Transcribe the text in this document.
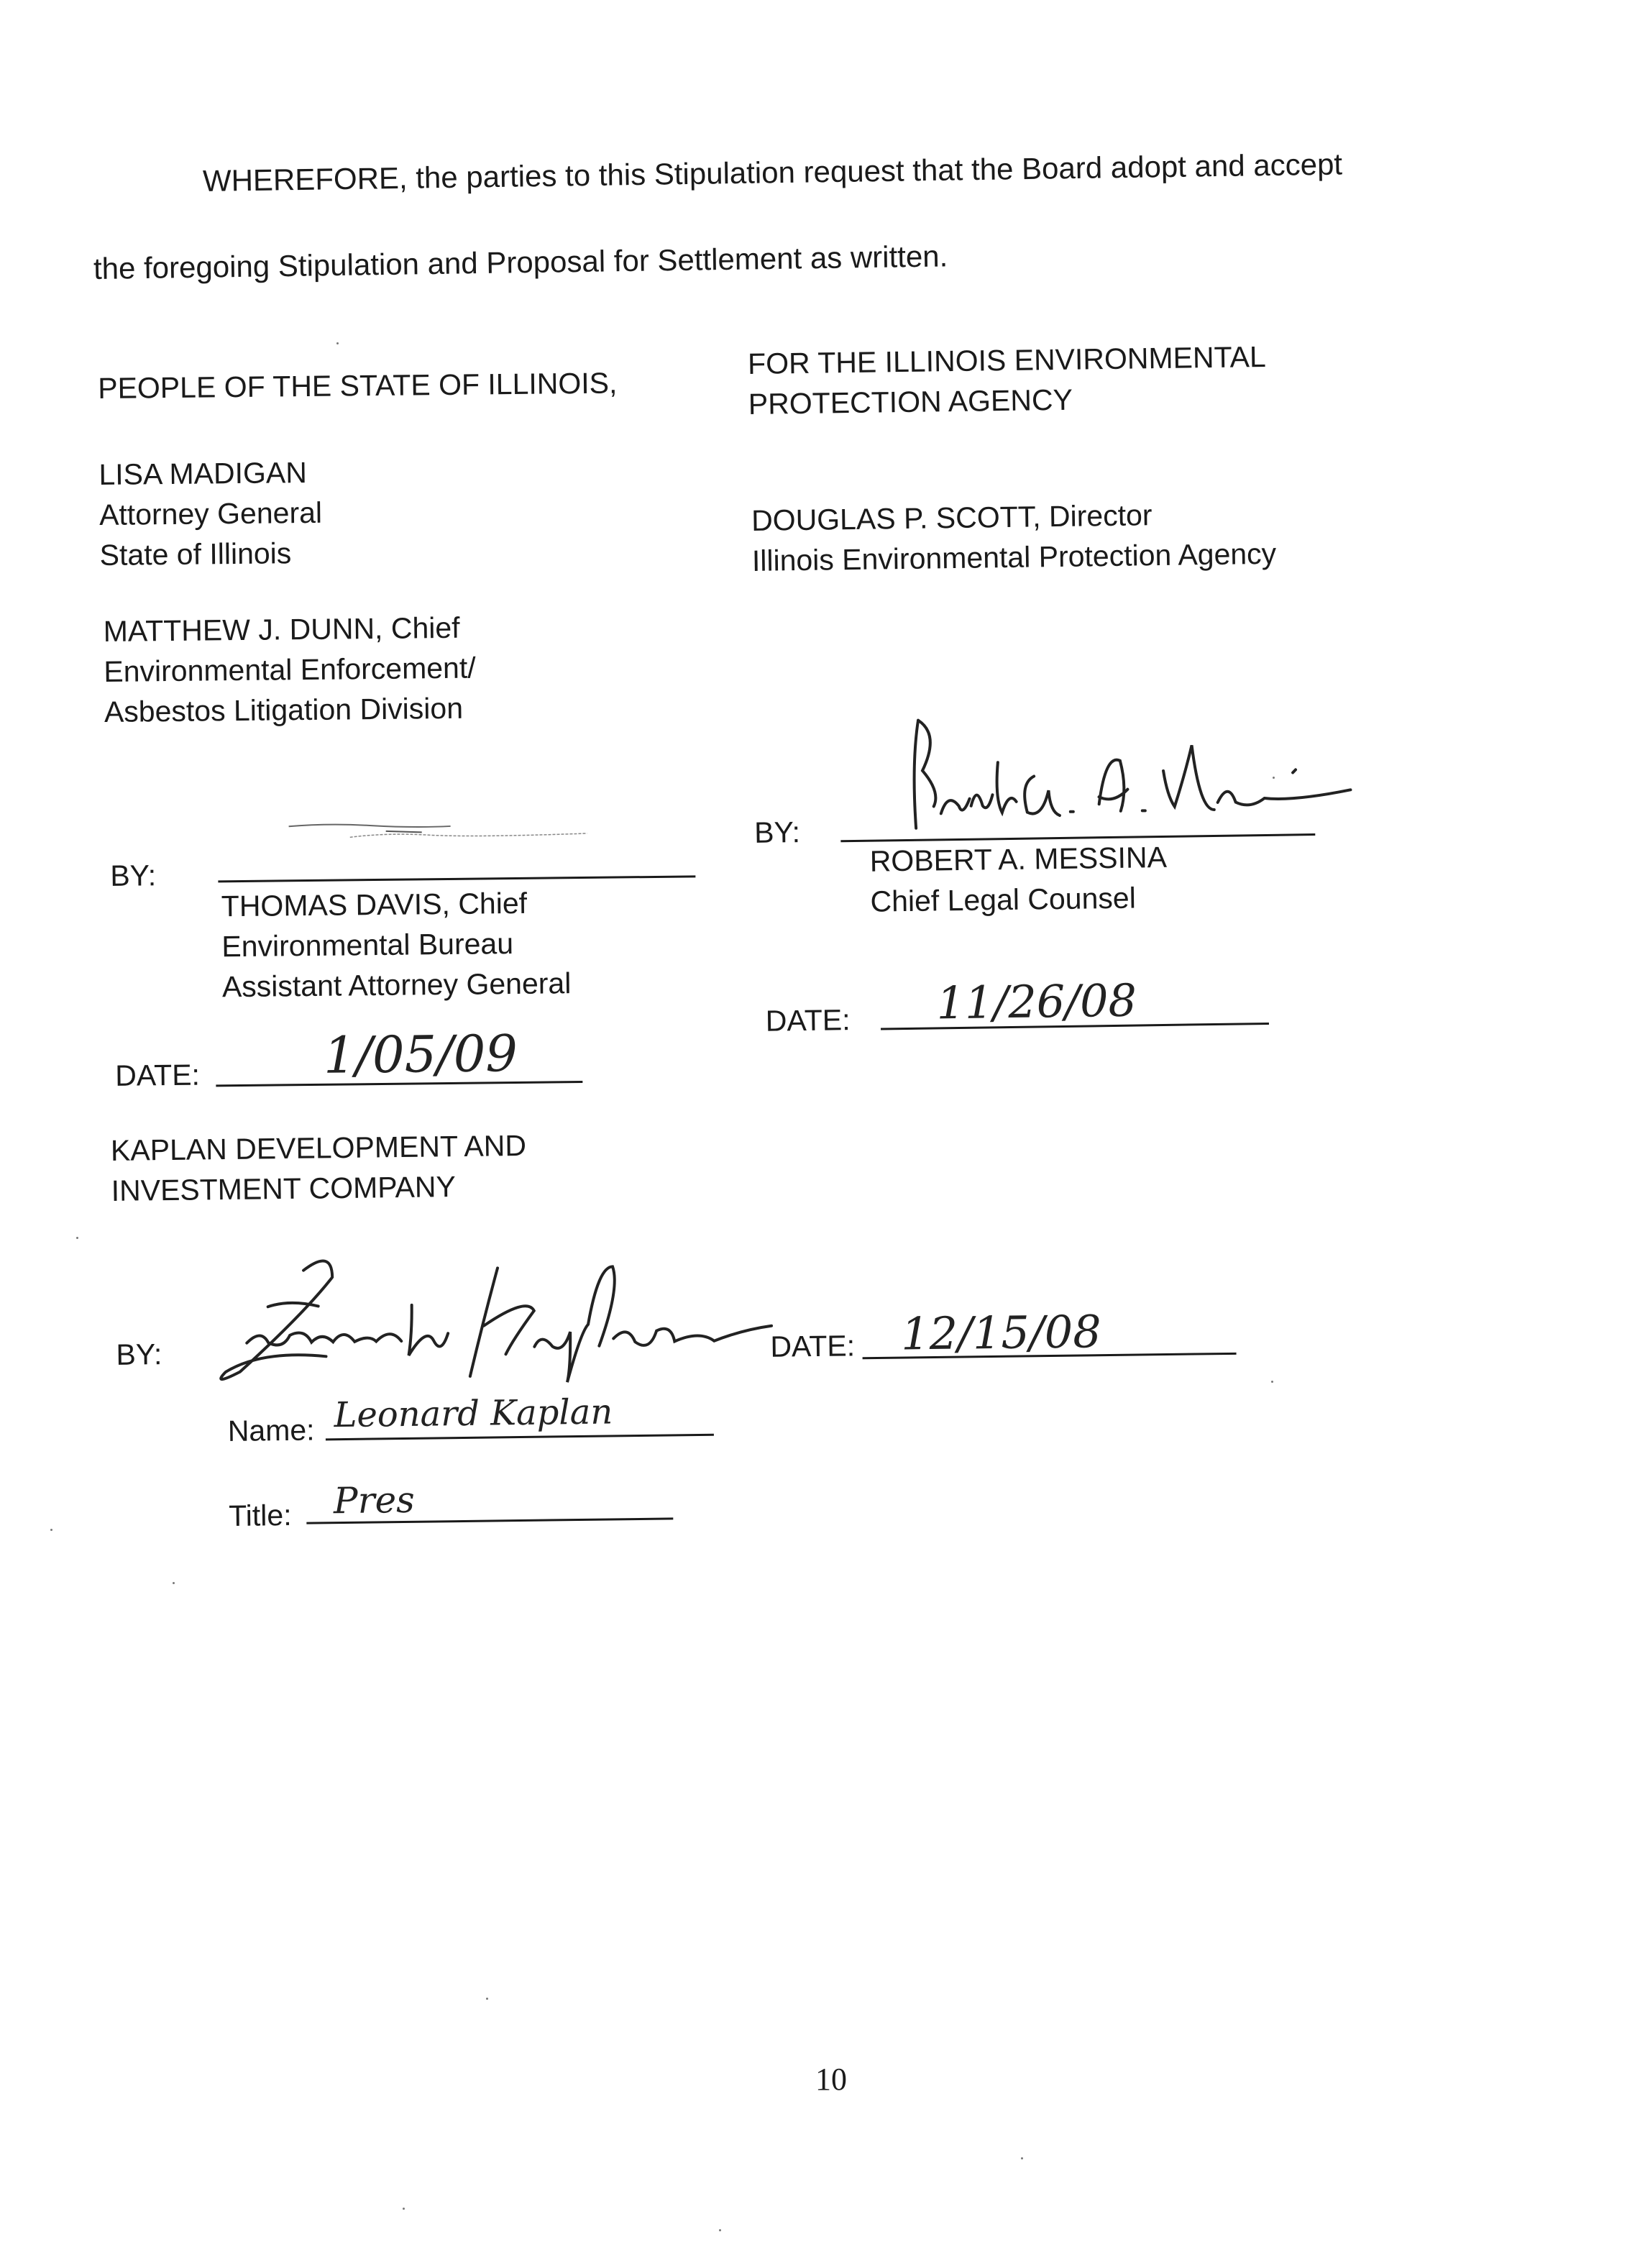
WHEREFORE, the parties to this Stipulation request that the Board adopt and accept
the foregoing Stipulation and Proposal for Settlement as written.
PEOPLE OF THE STATE OF ILLINOIS,
LISA MADIGAN
Attorney General
State of Illinois
MATTHEW J. DUNN, Chief
Environmental Enforcement/
Asbestos Litigation Division
BY:
THOMAS DAVIS, Chief
Environmental Bureau
Assistant Attorney General
DATE: 1/05/09
FOR THE ILLINOIS ENVIRONMENTAL
PROTECTION AGENCY
DOUGLAS P. SCOTT, Director
Illinois Environmental Protection Agency
BY:
ROBERT A. MESSINA
Chief Legal Counsel
DATE: 11/26/08
KAPLAN DEVELOPMENT AND
INVESTMENT COMPANY
BY:	DATE: 12/15/08
Name: Leonard Kaplan
Title: Pres
10
